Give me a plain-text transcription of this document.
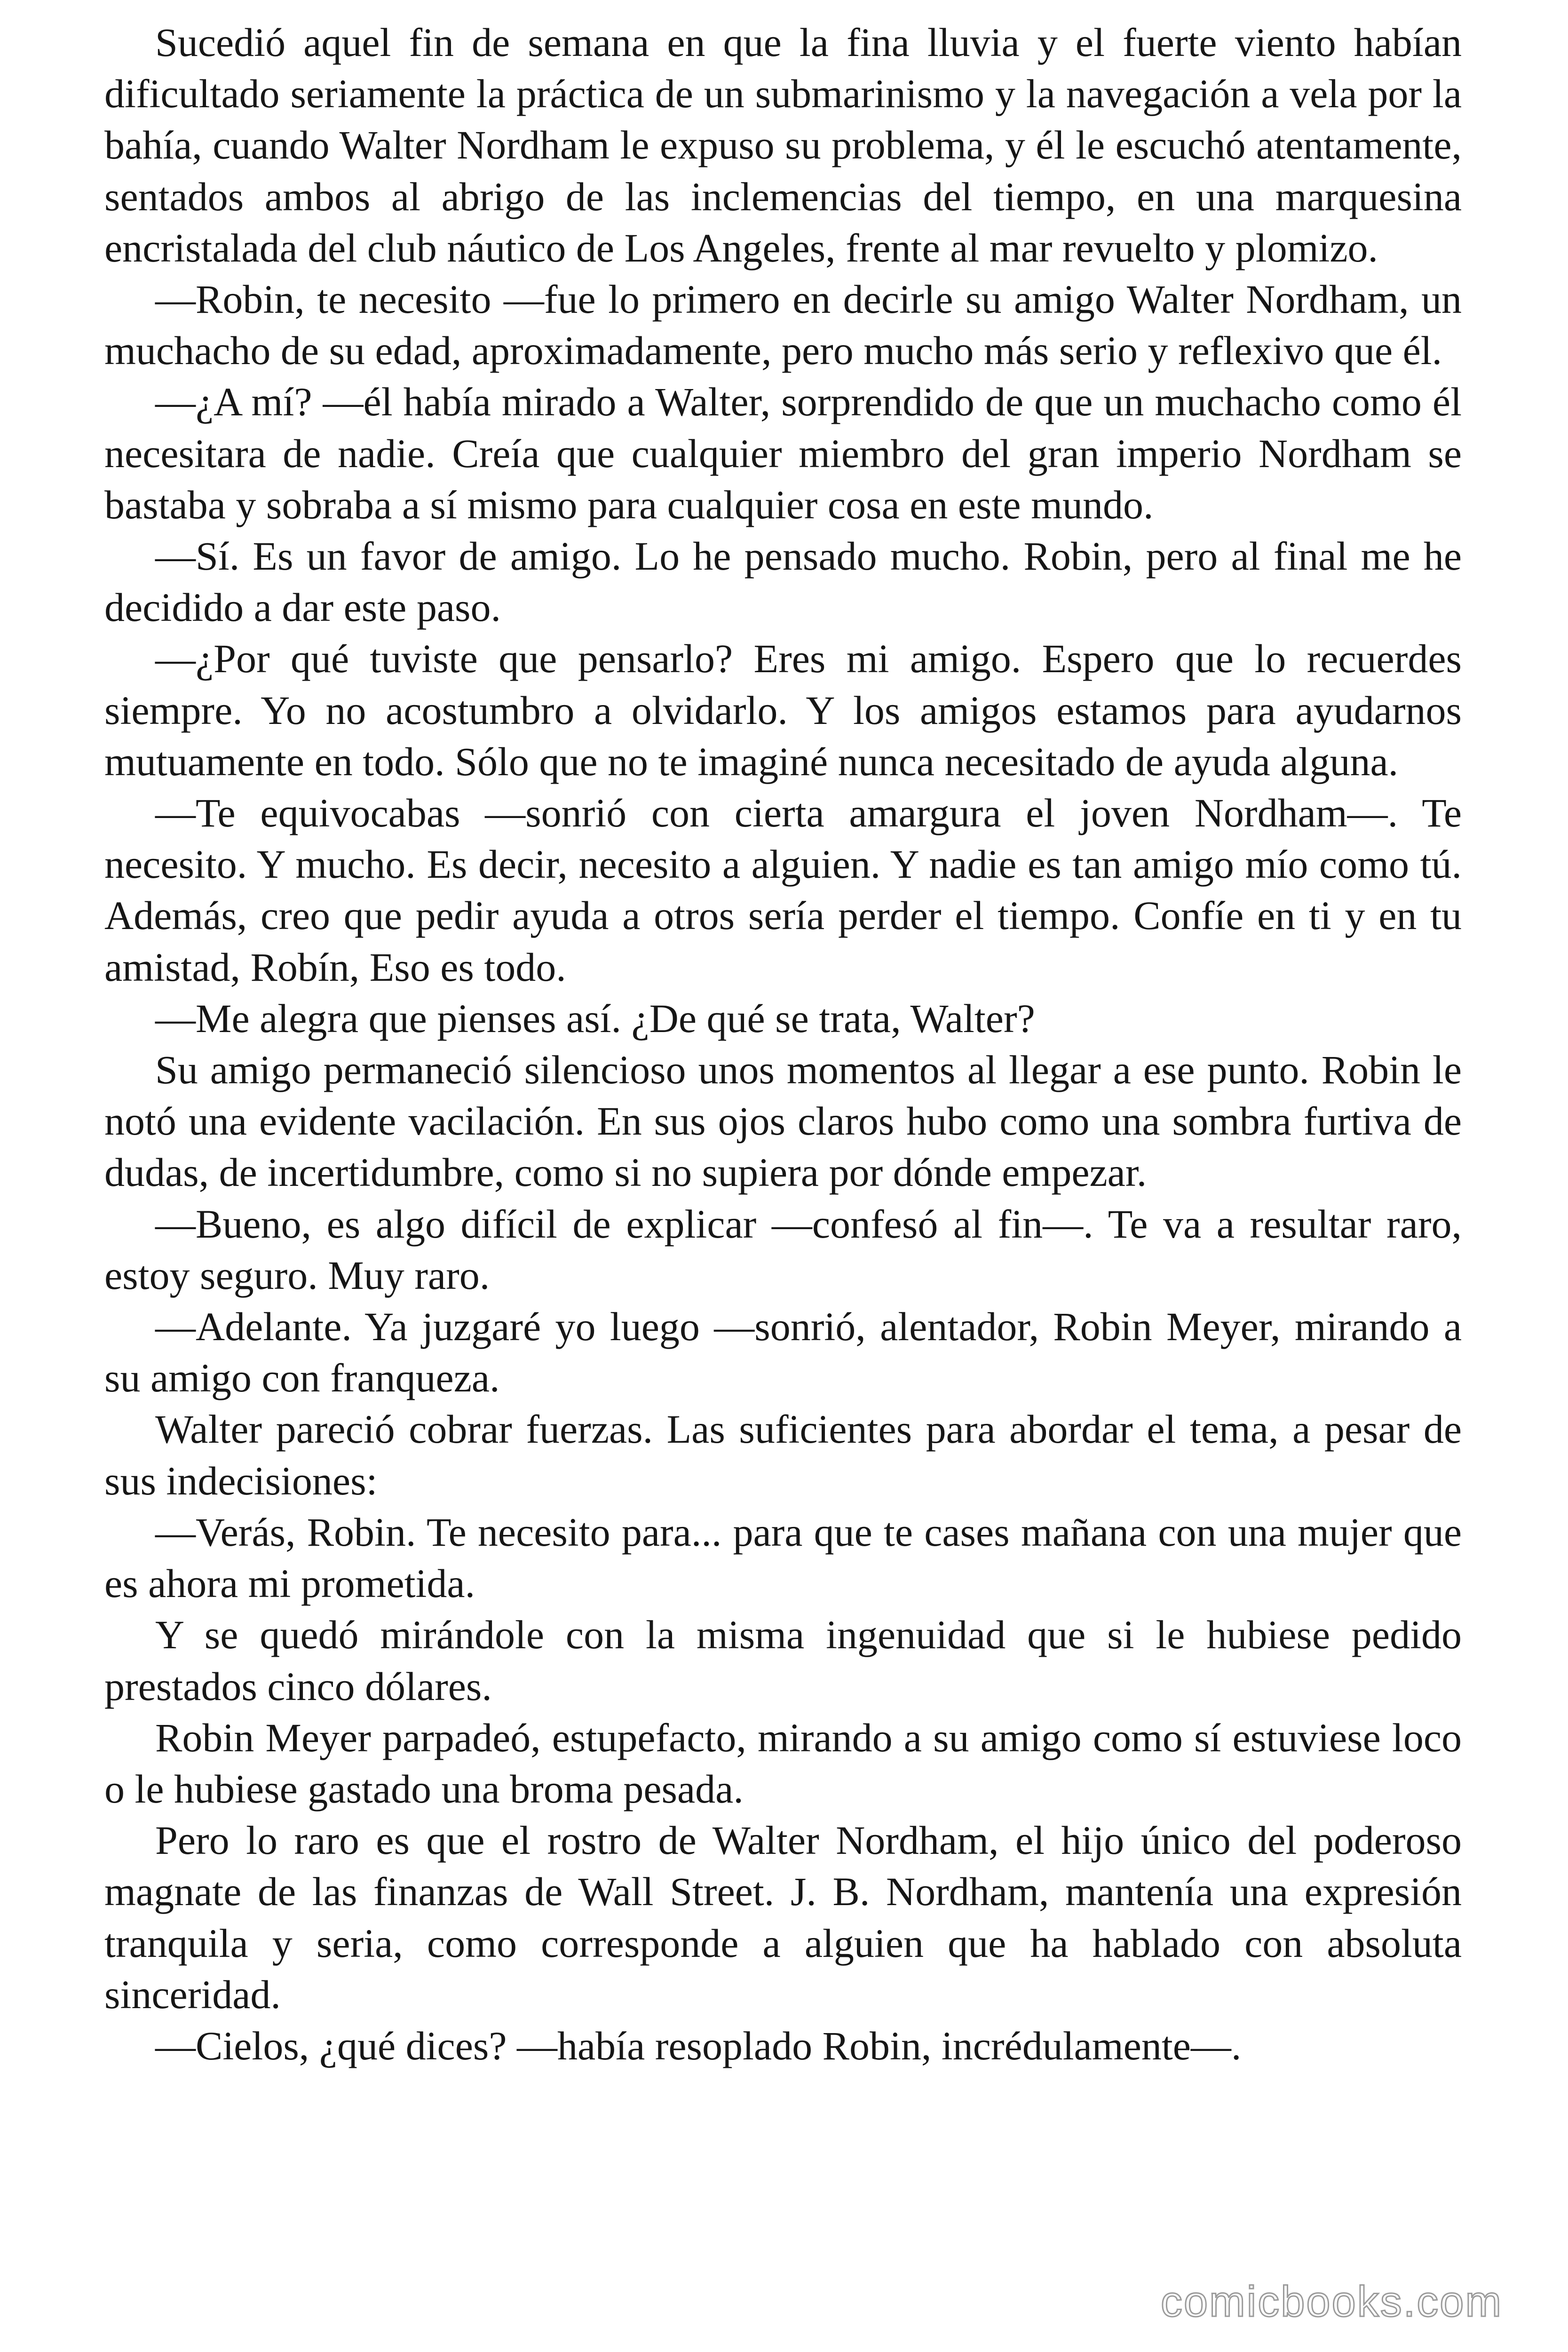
Sucedió aquel fin de semana en que la fina lluvia y el fuerte viento habían dificultado seriamente la práctica de un submarinismo y la navegación a vela por la bahía, cuando Walter Nordham le expuso su problema, y él le escuchó atentamente, sentados ambos al abrigo de las inclemencias del tiempo, en una marquesina encristalada del club náutico de Los Angeles, frente al mar revuelto y plomizo.

—Robin, te necesito —fue lo primero en decirle su amigo Walter Nordham, un muchacho de su edad, aproximadamente, pero mucho más serio y reflexivo que él.

—¿A mí? —él había mirado a Walter, sorprendido de que un muchacho como él necesitara de nadie. Creía que cualquier miembro del gran imperio Nordham se bastaba y sobraba a sí mismo para cualquier cosa en este mundo.

—Sí. Es un favor de amigo. Lo he pensado mucho. Robin, pero al final me he decidido a dar este paso.

—¿Por qué tuviste que pensarlo? Eres mi amigo. Espero que lo recuerdes siempre. Yo no acostumbro a olvidarlo. Y los amigos estamos para ayudarnos mutuamente en todo. Sólo que no te imaginé nunca necesitado de ayuda alguna.

—Te equivocabas —sonrió con cierta amargura el joven Nordham—. Te necesito. Y mucho. Es decir, necesito a alguien. Y nadie es tan amigo mío como tú. Además, creo que pedir ayuda a otros sería perder el tiempo. Confíe en ti y en tu amistad, Robín, Eso es todo.

—Me alegra que pienses así. ¿De qué se trata, Walter?

Su amigo permaneció silencioso unos momentos al llegar a ese punto. Robin le notó una evidente vacilación. En sus ojos claros hubo como una sombra furtiva de dudas, de incertidumbre, como si no supiera por dónde empezar.

—Bueno, es algo difícil de explicar —confesó al fin—. Te va a resultar raro, estoy seguro. Muy raro.

—Adelante. Ya juzgaré yo luego —sonrió, alentador, Robin Meyer, mirando a su amigo con franqueza.

Walter pareció cobrar fuerzas. Las suficientes para abordar el tema, a pesar de sus indecisiones:

—Verás, Robin. Te necesito para... para que te cases mañana con una mujer que es ahora mi prometida.

Y se quedó mirándole con la misma ingenuidad que si le hubiese pedido prestados cinco dólares.

Robin Meyer parpadeó, estupefacto, mirando a su amigo como sí estuviese loco o le hubiese gastado una broma pesada.

Pero lo raro es que el rostro de Walter Nordham, el hijo único del poderoso magnate de las finanzas de Wall Street. J. B. Nordham, mantenía una expresión tranquila y seria, como corresponde a alguien que ha hablado con absoluta sinceridad.

—Cielos, ¿qué dices? —había resoplado Robin, incrédulamente—.

comicbooks.com
